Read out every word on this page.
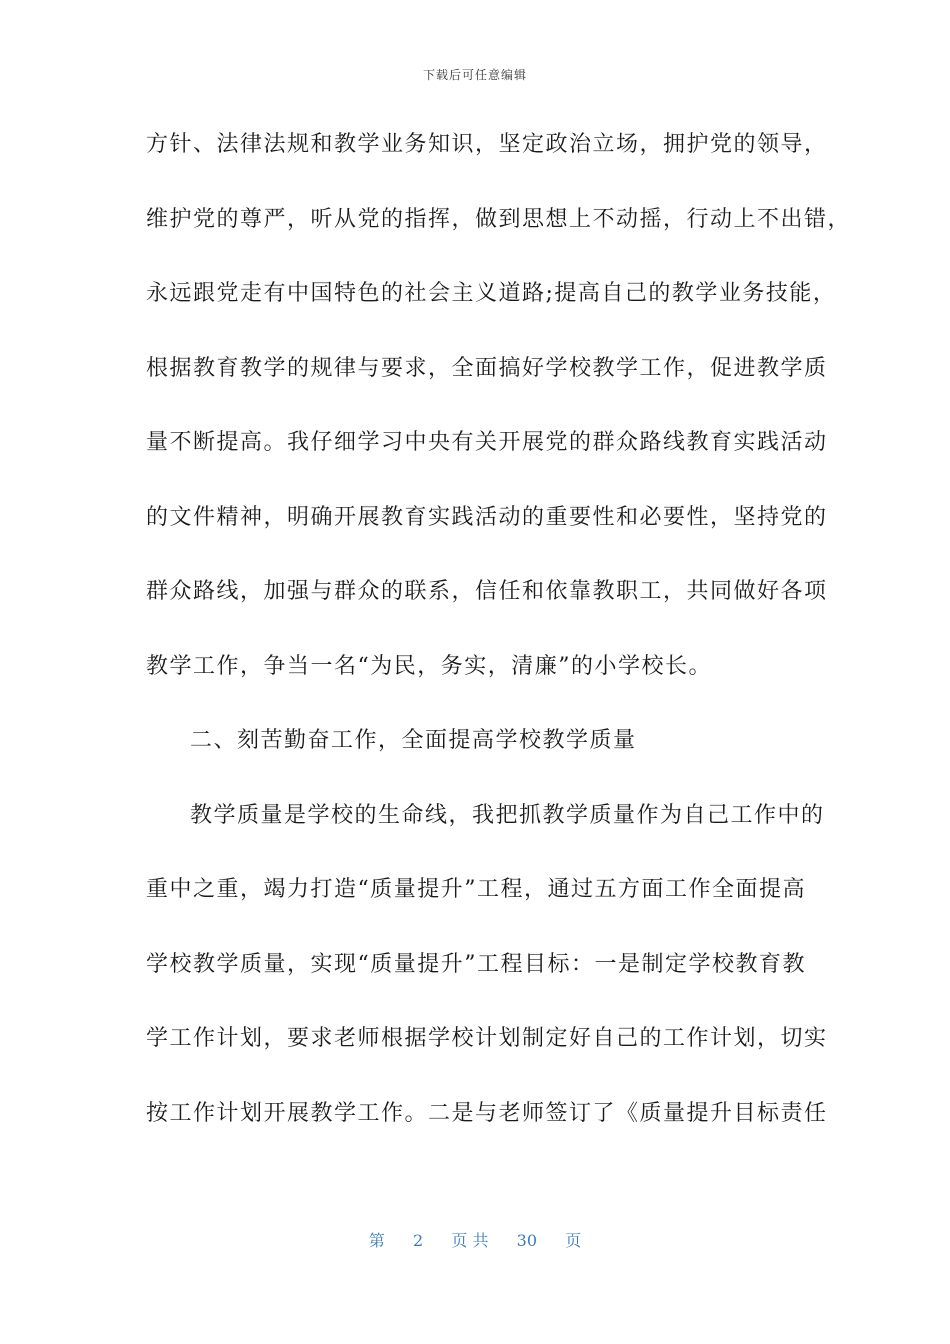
下载后可任意编辑
方针、法律法规和教学业务知识，坚定政治立场，拥护党的领导，
维护党的尊严，听从党的指挥，做到思想上不动摇，行动上不出错，
永远跟党走有中国特色的社会主义道路;提高自己的教学业务技能，
根据教育教学的规律与要求，全面搞好学校教学工作，促进教学质
量不断提高。我仔细学习中央有关开展党的群众路线教育实践活动
的文件精神，明确开展教育实践活动的重要性和必要性，坚持党的
群众路线，加强与群众的联系，信任和依靠教职工，共同做好各项
教学工作，争当一名“为民，务实，清廉”的小学校长。
二、刻苦勤奋工作，全面提高学校教学质量
教学质量是学校的生命线，我把抓教学质量作为自己工作中的
重中之重，竭力打造“质量提升”工程，通过五方面工作全面提高
学校教学质量，实现“质量提升”工程目标：一是制定学校教育教
学工作计划，要求老师根据学校计划制定好自己的工作计划，切实
按工作计划开展教学工作。二是与老师签订了《质量提升目标责任
第 2 页 共 30 页
